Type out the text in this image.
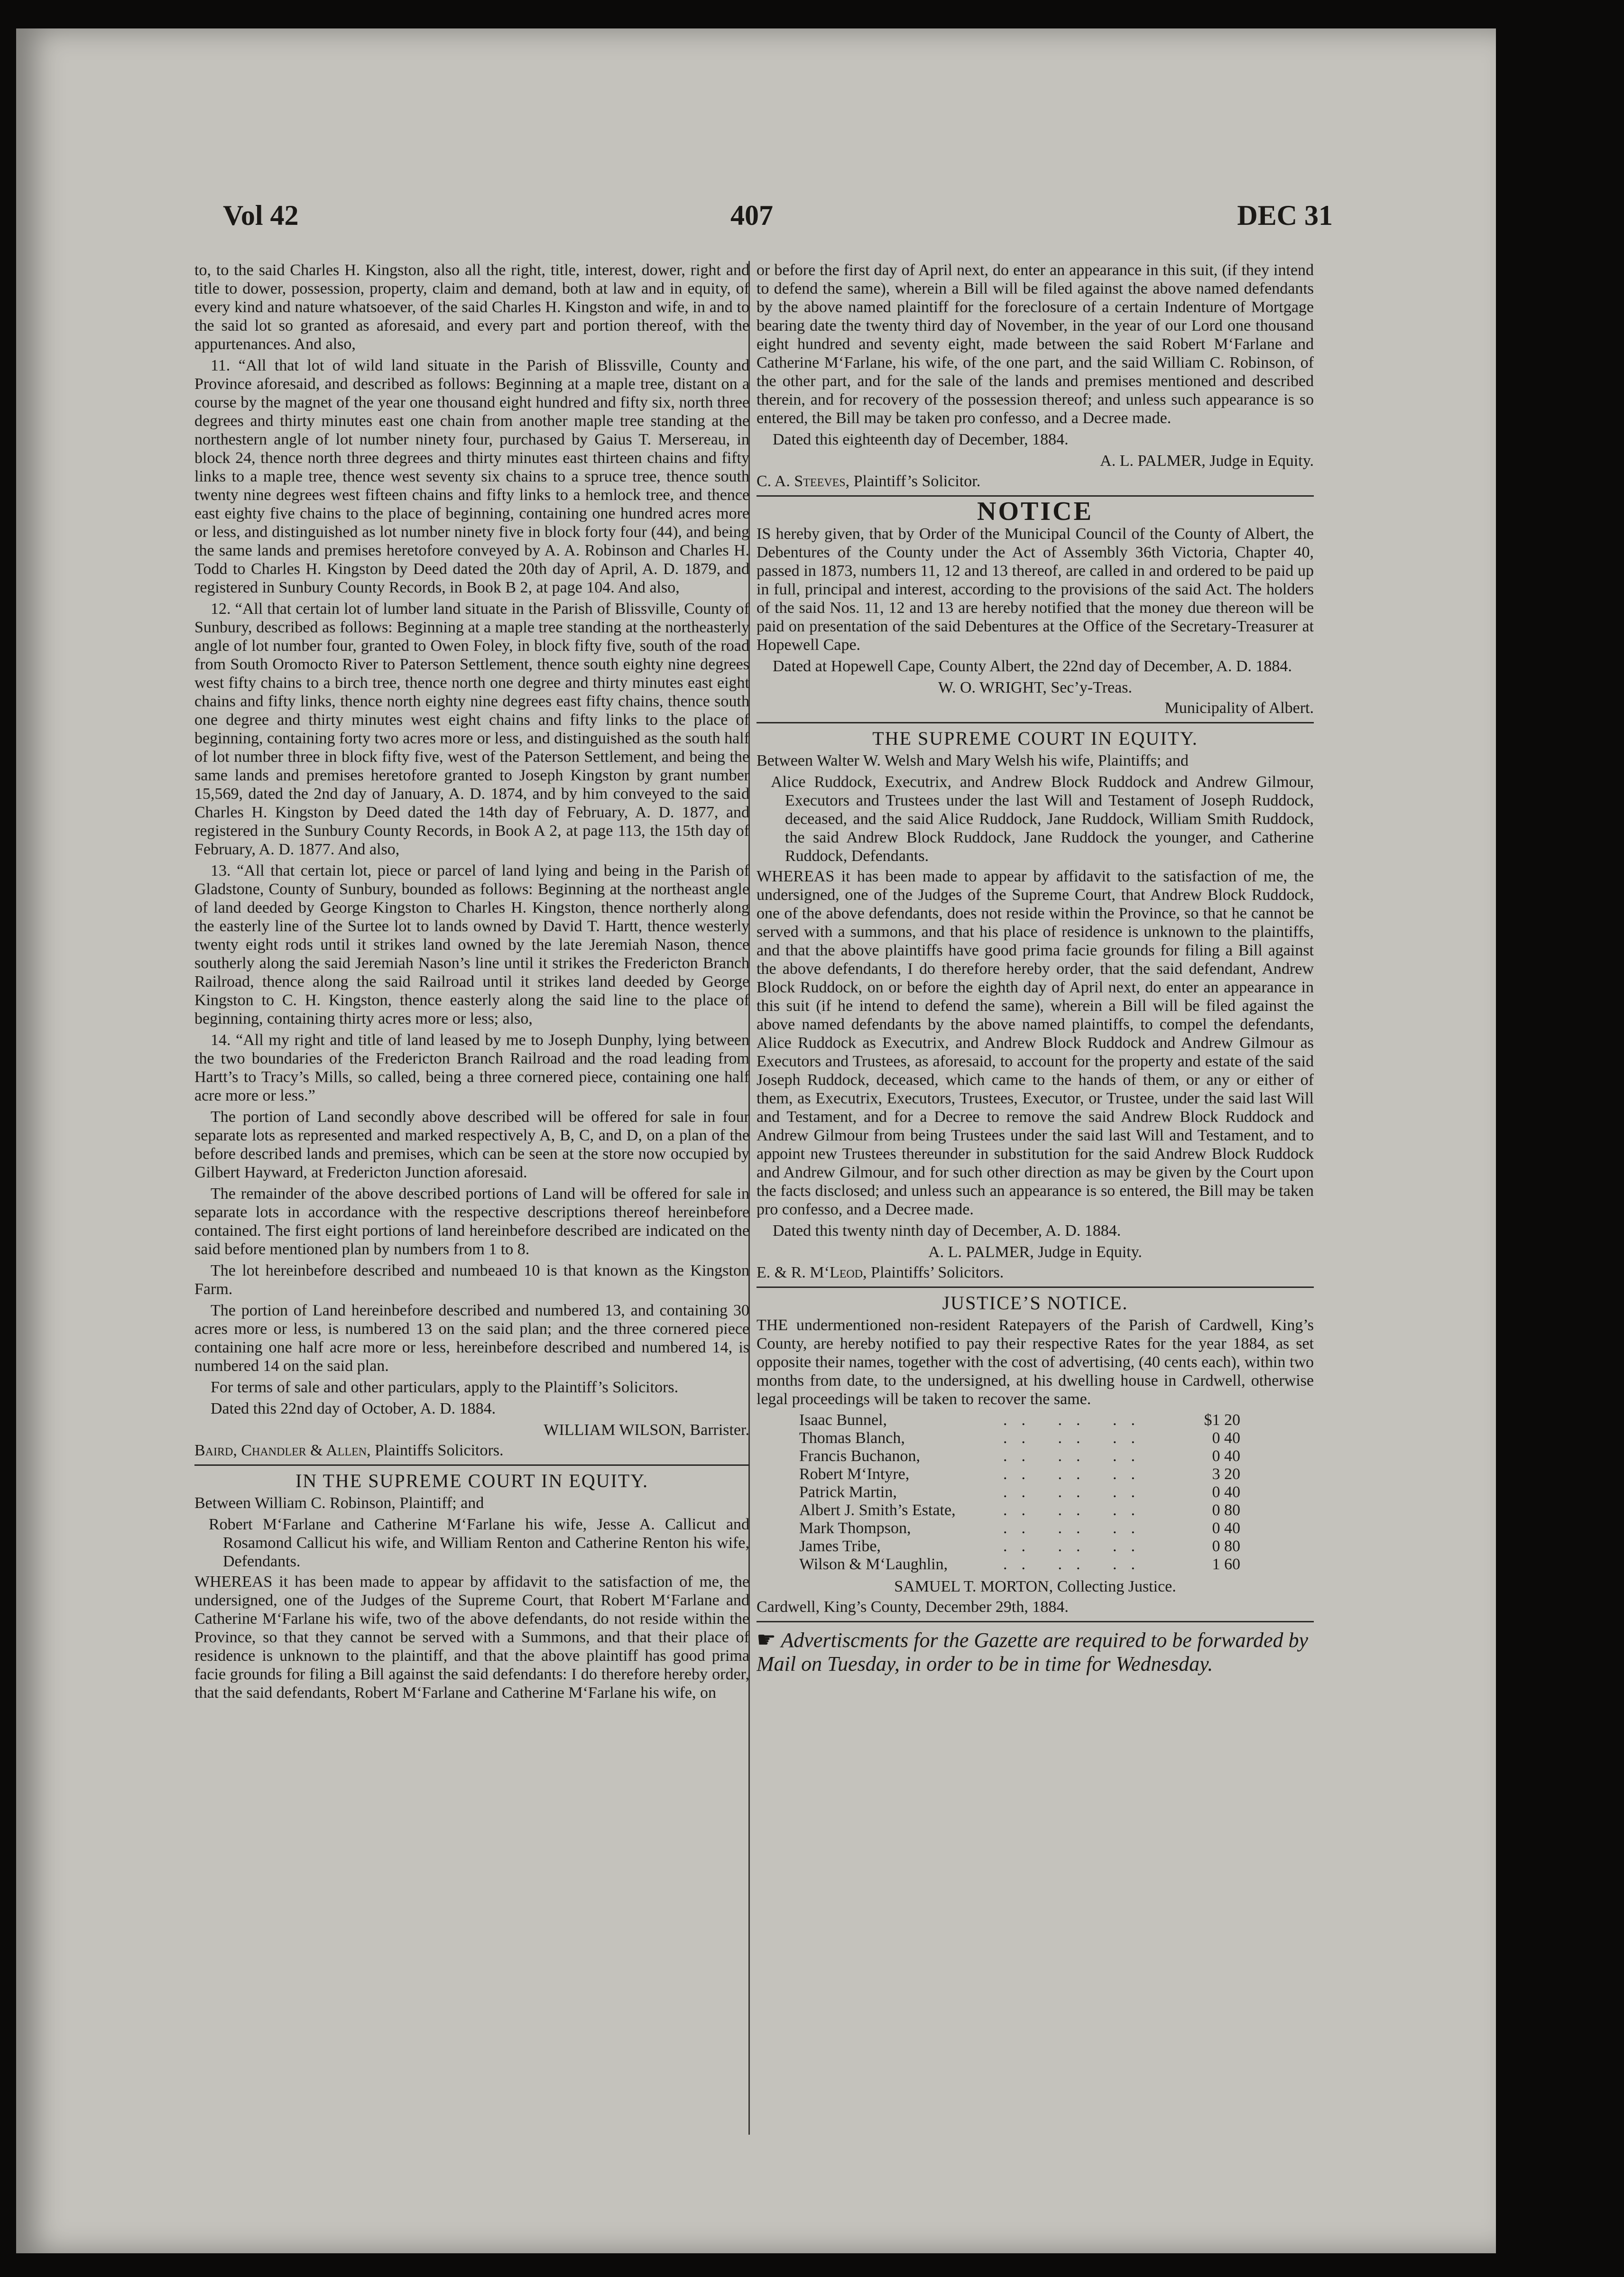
Vol 42	407	DEC 31

to, to the said Charles H. Kingston, also all the right, title, interest, dower, right and title to dower, possession, property, claim and demand, both at law and in equity, of every kind and nature whatsoever, of the said Charles H. Kingston and wife, in and to the said lot so granted as aforesaid, and every part and portion thereof, with the appurtenances. And also,

11. “All that lot of wild land situate in the Parish of Blissville, County and Province aforesaid, and described as follows: Beginning at a maple tree, distant on a course by the magnet of the year one thousand eight hundred and fifty six, north three degrees and thirty minutes east one chain from another maple tree standing at the northestern angle of lot number ninety four, purchased by Gaius T. Mersereau, in block 24, thence north three degrees and thirty minutes east thirteen chains and fifty links to a maple tree, thence west seventy six chains to a spruce tree, thence south twenty nine degrees west fifteen chains and fifty links to a hemlock tree, and thence east eighty five chains to the place of beginning, containing one hundred acres more or less, and distinguished as lot number ninety five in block forty four (44), and being the same lands and premises heretofore conveyed by A. A. Robinson and Charles H. Todd to Charles H. Kingston by Deed dated the 20th day of April, A. D. 1879, and registered in Sunbury County Records, in Book B 2, at page 104. And also,

12. “All that certain lot of lumber land situate in the Parish of Blissville, County of Sunbury, described as follows: Beginning at a maple tree standing at the northeasterly angle of lot number four, granted to Owen Foley, in block fifty five, south of the road from South Oromocto River to Paterson Settlement, thence south eighty nine degrees west fifty chains to a birch tree, thence north one degree and thirty minutes east eight chains and fifty links, thence north eighty nine degrees east fifty chains, thence south one degree and thirty minutes west eight chains and fifty links to the place of beginning, containing forty two acres more or less, and distinguished as the south half of lot number three in block fifty five, west of the Paterson Settlement, and being the same lands and premises heretofore granted to Joseph Kingston by grant number 15,569, dated the 2nd day of January, A. D. 1874, and by him conveyed to the said Charles H. Kingston by Deed dated the 14th day of February, A. D. 1877, and registered in the Sunbury County Records, in Book A 2, at page 113, the 15th day of February, A. D. 1877. And also,

13. “All that certain lot, piece or parcel of land lying and being in the Parish of Gladstone, County of Sunbury, bounded as follows: Beginning at the northeast angle of land deeded by George Kingston to Charles H. Kingston, thence northerly along the easterly line of the Surtee lot to lands owned by David T. Hartt, thence westerly twenty eight rods until it strikes land owned by the late Jeremiah Nason, thence southerly along the said Jeremiah Nason’s line until it strikes the Fredericton Branch Railroad, thence along the said Railroad until it strikes land deeded by George Kingston to C. H. Kingston, thence easterly along the said line to the place of beginning, containing thirty acres more or less; also,

14. “All my right and title of land leased by me to Joseph Dunphy, lying between the two boundaries of the Fredericton Branch Railroad and the road leading from Hartt’s to Tracy’s Mills, so called, being a three cornered piece, containing one half acre more or less.”

The portion of Land secondly above described will be offered for sale in four separate lots as represented and marked respectively A, B, C, and D, on a plan of the before described lands and premises, which can be seen at the store now occupied by Gilbert Hayward, at Fredericton Junction aforesaid.

The remainder of the above described portions of Land will be offered for sale in separate lots in accordance with the respective descriptions thereof hereinbefore contained. The first eight portions of land hereinbefore described are indicated on the said before mentioned plan by numbers from 1 to 8.

The lot hereinbefore described and numbeaed 10 is that known as the Kingston Farm.

The portion of Land hereinbefore described and numbered 13, and containing 30 acres more or less, is numbered 13 on the said plan; and the three cornered piece containing one half acre more or less, hereinbefore described and numbered 14, is numbered 14 on the said plan.

For terms of sale and other particulars, apply to the Plaintiff’s Solicitors.

Dated this 22nd day of October, A. D. 1884.

WILLIAM WILSON, Barrister.
Baird, Chandler & Allen, Plaintiffs Solicitors.
IN THE SUPREME COURT IN EQUITY.

Between William C. Robinson, Plaintiff; and

Robert M‘Farlane and Catherine M‘Farlane his wife, Jesse A. Callicut and Rosamond Callicut his wife, and William Renton and Catherine Renton his wife, Defendants.

WHEREAS it has been made to appear by affidavit to the satisfaction of me, the undersigned, one of the Judges of the Supreme Court, that Robert M‘Farlane and Catherine M‘Farlane his wife, two of the above defendants, do not reside within the Province, so that they cannot be served with a Summons, and that their place of residence is unknown to the plaintiff, and that the above plaintiff has good prima facie grounds for filing a Bill against the said defendants: I do therefore hereby order, that the said defendants, Robert M‘Farlane and Catherine M‘Farlane his wife, on

or before the first day of April next, do enter an appearance in this suit, (if they intend to defend the same), wherein a Bill will be filed against the above named defendants by the above named plaintiff for the foreclosure of a certain Indenture of Mortgage bearing date the twenty third day of November, in the year of our Lord one thousand eight hundred and seventy eight, made between the said Robert M‘Farlane and Catherine M‘Farlane, his wife, of the one part, and the said William C. Robinson, of the other part, and for the sale of the lands and premises mentioned and described therein, and for recovery of the possession thereof; and unless such appearance is so entered, the Bill may be taken pro confesso, and a Decree made.

Dated this eighteenth day of December, 1884.

A. L. PALMER, Judge in Equity.
C. A. Steeves, Plaintiff’s Solicitor.
NOTICE

IS hereby given, that by Order of the Municipal Council of the County of Albert, the Debentures of the County under the Act of Assembly 36th Victoria, Chapter 40, passed in 1873, numbers 11, 12 and 13 thereof, are called in and ordered to be paid up in full, principal and interest, according to the provisions of the said Act. The holders of the said Nos. 11, 12 and 13 are hereby notified that the money due thereon will be paid on presentation of the said Debentures at the Office of the Secretary-Treasurer at Hopewell Cape.

Dated at Hopewell Cape, County Albert, the 22nd day of December, A. D. 1884.

W. O. WRIGHT, Sec’y-Treas.
Municipality of Albert.
THE SUPREME COURT IN EQUITY.

Between Walter W. Welsh and Mary Welsh his wife, Plaintiffs; and

Alice Ruddock, Executrix, and Andrew Block Ruddock and Andrew Gilmour, Executors and Trustees under the last Will and Testament of Joseph Ruddock, deceased, and the said Alice Ruddock, Jane Ruddock, William Smith Ruddock, the said Andrew Block Ruddock, Jane Ruddock the younger, and Catherine Ruddock, Defendants.

WHEREAS it has been made to appear by affidavit to the satisfaction of me, the undersigned, one of the Judges of the Supreme Court, that Andrew Block Ruddock, one of the above defendants, does not reside within the Province, so that he cannot be served with a summons, and that his place of residence is unknown to the plaintiffs, and that the above plaintiffs have good prima facie grounds for filing a Bill against the above defendants, I do therefore hereby order, that the said defendant, Andrew Block Ruddock, on or before the eighth day of April next, do enter an appearance in this suit (if he intend to defend the same), wherein a Bill will be filed against the above named defendants by the above named plaintiffs, to compel the defendants, Alice Ruddock as Executrix, and Andrew Block Ruddock and Andrew Gilmour as Executors and Trustees, as aforesaid, to account for the property and estate of the said Joseph Ruddock, deceased, which came to the hands of them, or any or either of them, as Executrix, Executors, Trustees, Executor, or Trustee, under the said last Will and Testament, and for a Decree to remove the said Andrew Block Ruddock and Andrew Gilmour from being Trustees under the said last Will and Testament, and to appoint new Trustees thereunder in substitution for the said Andrew Block Ruddock and Andrew Gilmour, and for such other direction as may be given by the Court upon the facts disclosed; and unless such an appearance is so entered, the Bill may be taken pro confesso, and a Decree made.

Dated this twenty ninth day of December, A. D. 1884.

A. L. PALMER, Judge in Equity.
E. & R. M‘Leod, Plaintiffs’ Solicitors.
JUSTICE’S NOTICE.

THE undermentioned non-resident Ratepayers of the Parish of Cardwell, King’s County, are hereby notified to pay their respective Rates for the year 1884, as set opposite their names, together with the cost of advertising, (40 cents each), within two months from date, to the undersigned, at his dwelling house in Cardwell, otherwise legal proceedings will be taken to recover the same.

Isaac Bunnel,	.. .. ..	$1 20
Thomas Blanch,	.. .. ..	0 40
Francis Buchanon,	.. .. ..	0 40
Robert M‘Intyre,	.. .. ..	3 20
Patrick Martin,	.. .. ..	0 40
Albert J. Smith’s Estate,	.. .. ..	0 80
Mark Thompson,	.. .. ..	0 40
James Tribe,	.. .. ..	0 80
Wilson & M‘Laughlin,	.. .. ..	1 60
SAMUEL T. MORTON, Collecting Justice.

Cardwell, King’s County, December 29th, 1884.

☛ Advertiscments for the Gazette are required to be forwarded by Mail on Tuesday, in order to be in time for Wednesday.
